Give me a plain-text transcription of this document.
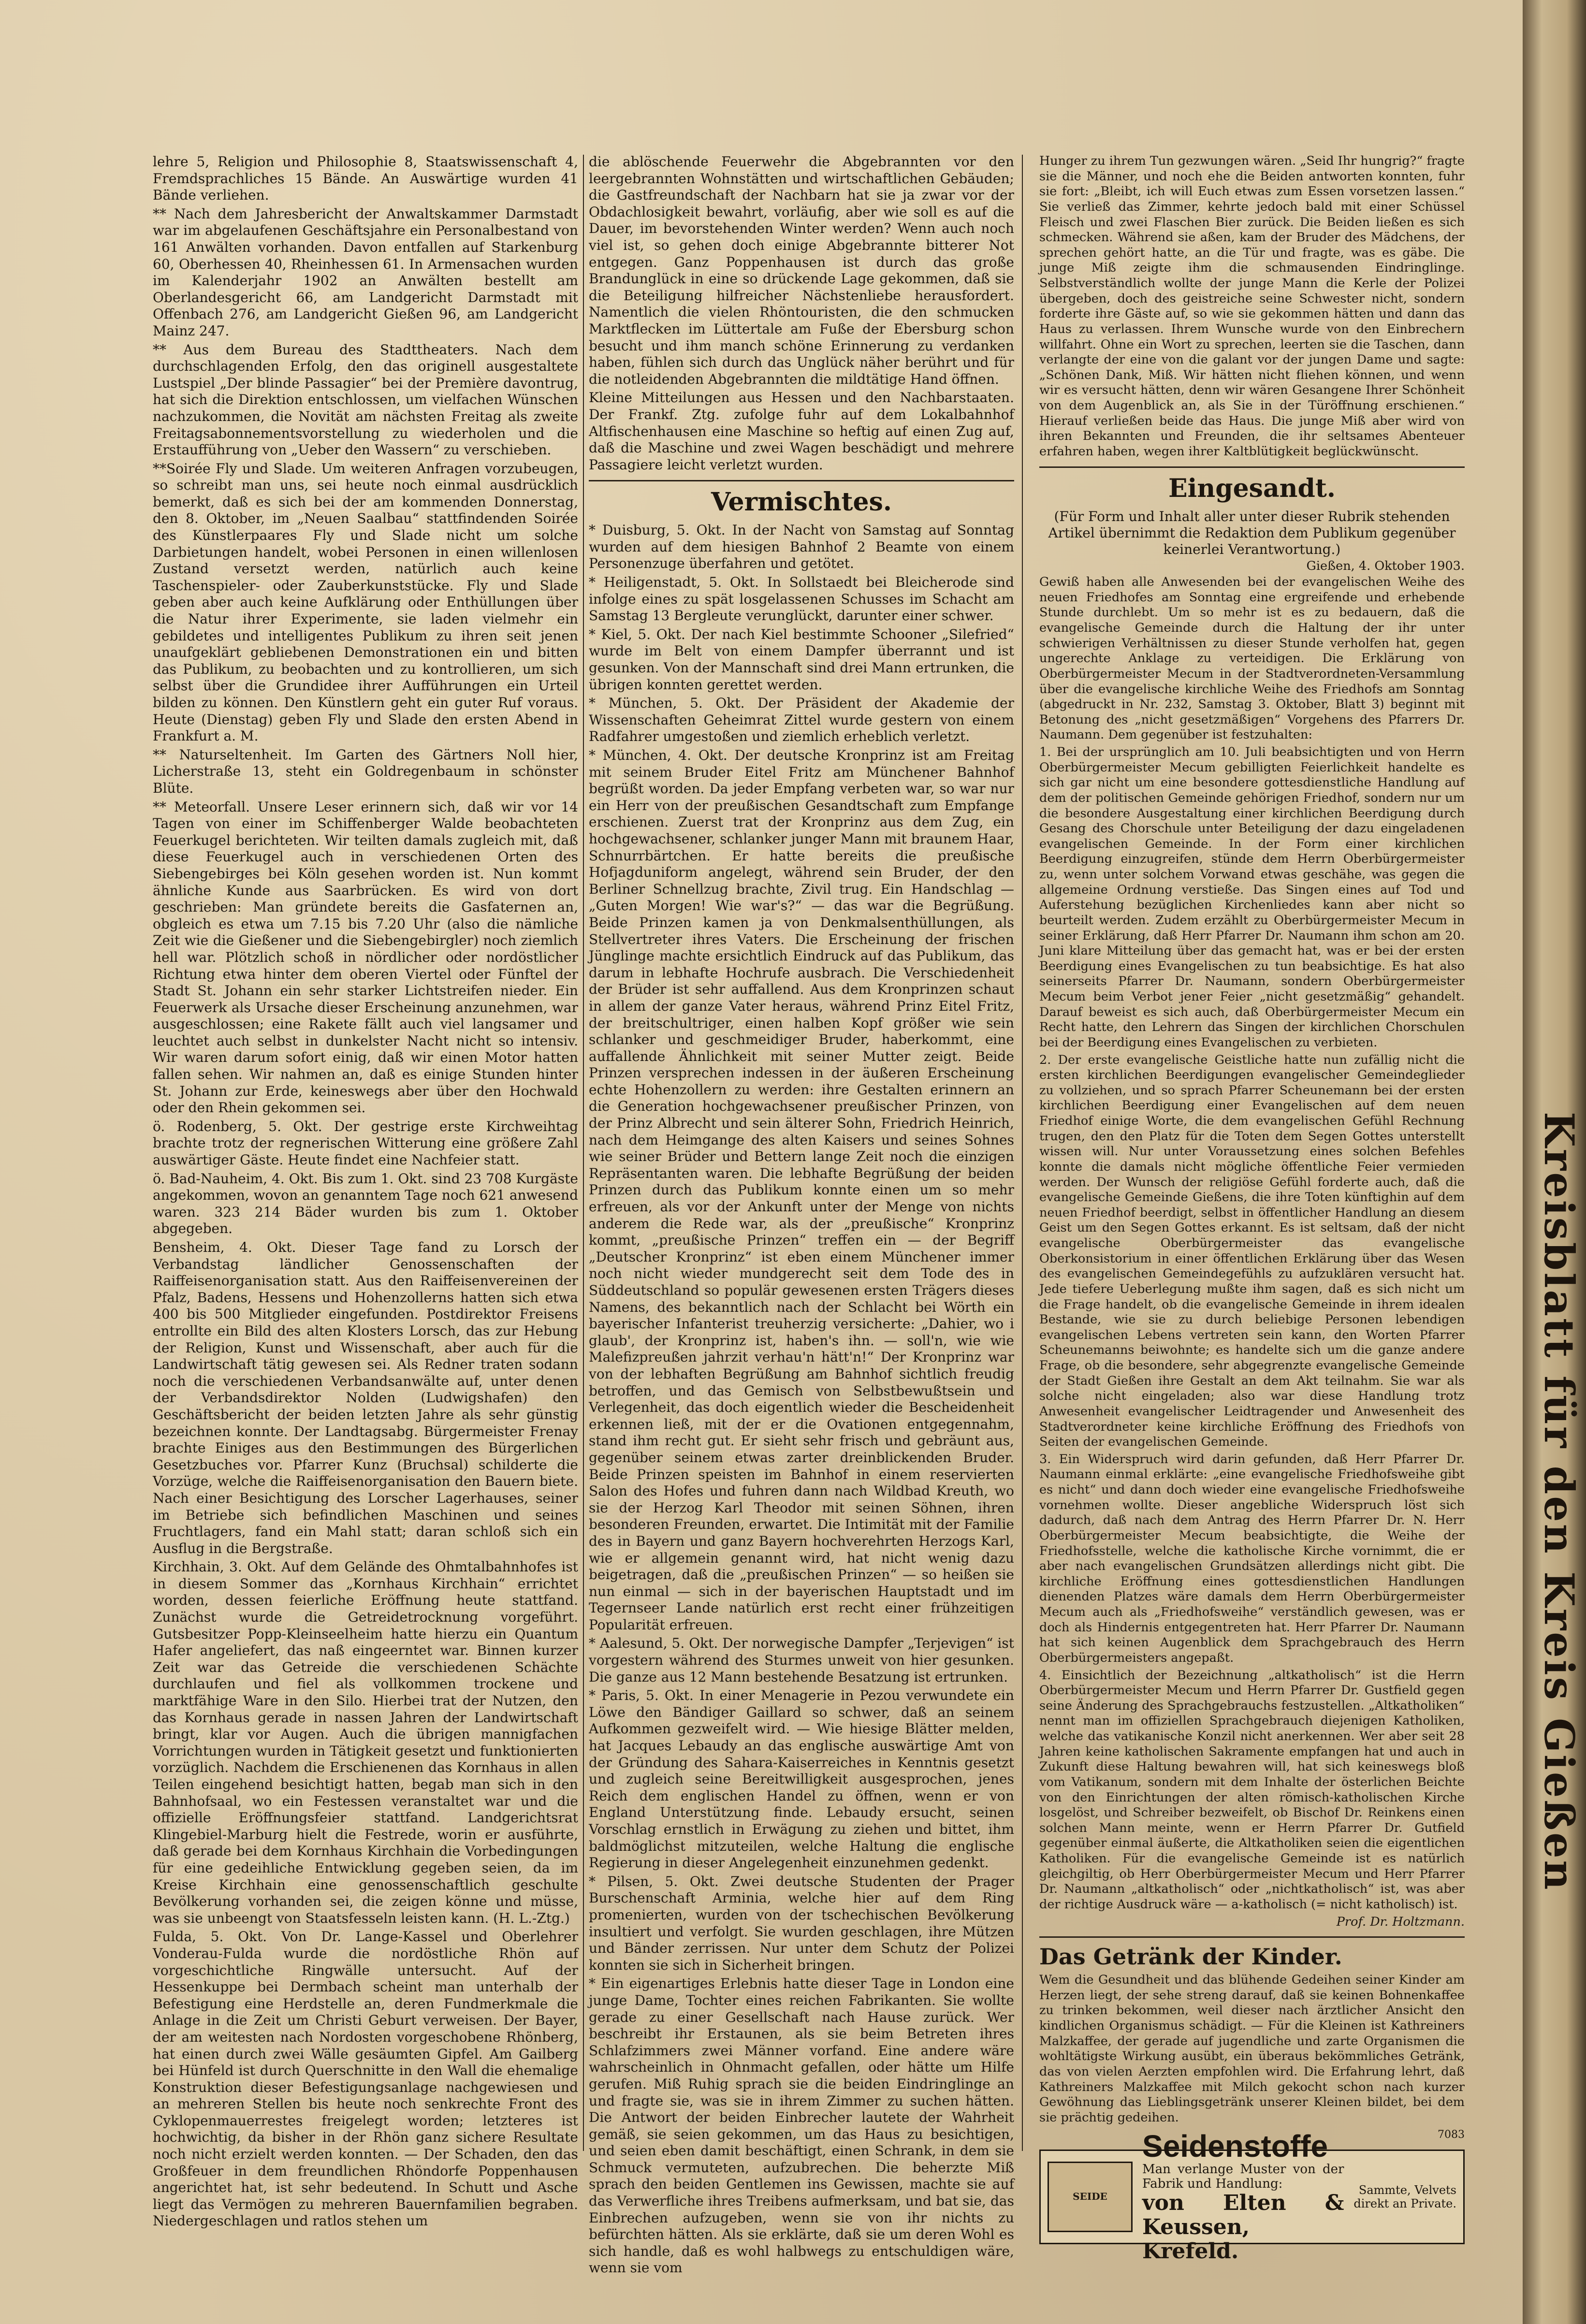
lehre 5, Religion und Philosophie 8, Staatswissenschaft 4, Fremdsprachliches 15 Bände. An Auswärtige wurden 41 Bände verliehen.

** Nach dem Jahresbericht der Anwaltskammer Darmstadt war im abgelaufenen Geschäftsjahre ein Personalbestand von 161 Anwälten vorhanden. Davon entfallen auf Starkenburg 60, Oberhessen 40, Rheinhessen 61. In Armensachen wurden im Kalenderjahr 1902 an Anwälten bestellt am Oberlandesgericht 66, am Landgericht Darmstadt mit Offenbach 276, am Landgericht Gießen 96, am Landgericht Mainz 247.

** Aus dem Bureau des Stadttheaters. Nach dem durchschlagenden Erfolg, den das originell ausgestaltete Lustspiel „Der blinde Passagier“ bei der Première davontrug, hat sich die Direktion entschlossen, um vielfachen Wünschen nachzukommen, die Novität am nächsten Freitag als zweite Freitagsabonnementsvorstellung zu wiederholen und die Erstaufführung von „Ueber den Wassern“ zu verschieben.

**Soirée Fly und Slade. Um weiteren Anfragen vorzubeugen, so schreibt man uns, sei heute noch einmal ausdrücklich bemerkt, daß es sich bei der am kommenden Donnerstag, den 8. Oktober, im „Neuen Saalbau“ stattfindenden Soirée des Künstlerpaares Fly und Slade nicht um solche Darbietungen handelt, wobei Personen in einen willenlosen Zustand versetzt werden, natürlich auch keine Taschenspieler- oder Zauberkunststücke. Fly und Slade geben aber auch keine Aufklärung oder Enthüllungen über die Natur ihrer Experimente, sie laden vielmehr ein gebildetes und intelligentes Publikum zu ihren seit jenen unaufgeklärt gebliebenen Demonstrationen ein und bitten das Publikum, zu beobachten und zu kontrollieren, um sich selbst über die Grundidee ihrer Aufführungen ein Urteil bilden zu können. Den Künstlern geht ein guter Ruf voraus. Heute (Dienstag) geben Fly und Slade den ersten Abend in Frankfurt a. M.

** Naturseltenheit. Im Garten des Gärtners Noll hier, Licherstraße 13, steht ein Goldregenbaum in schönster Blüte.

** Meteorfall. Unsere Leser erinnern sich, daß wir vor 14 Tagen von einer im Schiffenberger Walde beobachteten Feuerkugel berichteten. Wir teilten damals zugleich mit, daß diese Feuerkugel auch in verschiedenen Orten des Siebengebirges bei Köln gesehen worden ist. Nun kommt ähnliche Kunde aus Saarbrücken. Es wird von dort geschrieben: Man gründete bereits die Gasfaternen an, obgleich es etwa um 7.15 bis 7.20 Uhr (also die nämliche Zeit wie die Gießener und die Siebengebirgler) noch ziemlich hell war. Plötzlich schoß in nördlicher oder nordöstlicher Richtung etwa hinter dem oberen Viertel oder Fünftel der Stadt St. Johann ein sehr starker Lichtstreifen nieder. Ein Feuerwerk als Ursache dieser Erscheinung anzunehmen, war ausgeschlossen; eine Rakete fällt auch viel langsamer und leuchtet auch selbst in dunkelster Nacht nicht so intensiv. Wir waren darum sofort einig, daß wir einen Motor hatten fallen sehen. Wir nahmen an, daß es einige Stunden hinter St. Johann zur Erde, keineswegs aber über den Hochwald oder den Rhein gekommen sei.

ö. Rodenberg, 5. Okt. Der gestrige erste Kirchweihtag brachte trotz der regnerischen Witterung eine größere Zahl auswärtiger Gäste. Heute findet eine Nachfeier statt.

ö. Bad-Nauheim, 4. Okt. Bis zum 1. Okt. sind 23 708 Kurgäste angekommen, wovon an genanntem Tage noch 621 anwesend waren. 323 214 Bäder wurden bis zum 1. Oktober abgegeben.

Bensheim, 4. Okt. Dieser Tage fand zu Lorsch der Verbandstag ländlicher Genossenschaften der Raiffeisenorganisation statt. Aus den Raiffeisenvereinen der Pfalz, Badens, Hessens und Hohenzollerns hatten sich etwa 400 bis 500 Mitglieder eingefunden. Postdirektor Freisens entrollte ein Bild des alten Klosters Lorsch, das zur Hebung der Religion, Kunst und Wissenschaft, aber auch für die Landwirtschaft tätig gewesen sei. Als Redner traten sodann noch die verschiedenen Verbandsanwälte auf, unter denen der Verbandsdirektor Nolden (Ludwigshafen) den Geschäftsbericht der beiden letzten Jahre als sehr günstig bezeichnen konnte. Der Landtagsabg. Bürgermeister Frenay brachte Einiges aus den Bestimmungen des Bürgerlichen Gesetzbuches vor. Pfarrer Kunz (Bruchsal) schilderte die Vorzüge, welche die Raiffeisenorganisation den Bauern biete. Nach einer Besichtigung des Lorscher Lagerhauses, seiner im Betriebe sich befindlichen Maschinen und seines Fruchtlagers, fand ein Mahl statt; daran schloß sich ein Ausflug in die Bergstraße.

Kirchhain, 3. Okt. Auf dem Gelände des Ohmtalbahnhofes ist in diesem Sommer das „Kornhaus Kirchhain“ errichtet worden, dessen feierliche Eröffnung heute stattfand. Zunächst wurde die Getreidetrocknung vorgeführt. Gutsbesitzer Popp-Kleinseelheim hatte hierzu ein Quantum Hafer angeliefert, das naß eingeerntet war. Binnen kurzer Zeit war das Getreide die verschiedenen Schächte durchlaufen und fiel als vollkommen trockene und marktfähige Ware in den Silo. Hierbei trat der Nutzen, den das Kornhaus gerade in nassen Jahren der Landwirtschaft bringt, klar vor Augen. Auch die übrigen mannigfachen Vorrichtungen wurden in Tätigkeit gesetzt und funktionierten vorzüglich. Nachdem die Erschienenen das Kornhaus in allen Teilen eingehend besichtigt hatten, begab man sich in den Bahnhofsaal, wo ein Festessen veranstaltet war und die offizielle Eröffnungsfeier stattfand. Landgerichtsrat Klingebiel-Marburg hielt die Festrede, worin er ausführte, daß gerade bei dem Kornhaus Kirchhain die Vorbedingungen für eine gedeihliche Entwicklung gegeben seien, da im Kreise Kirchhain eine genossenschaftlich geschulte Bevölkerung vorhanden sei, die zeigen könne und müsse, was sie unbeengt von Staatsfesseln leisten kann. (H. L.-Ztg.)

Fulda, 5. Okt. Von Dr. Lange-Kassel und Oberlehrer Vonderau-Fulda wurde die nordöstliche Rhön auf vorgeschichtliche Ringwälle untersucht. Auf der Hessenkuppe bei Dermbach scheint man unterhalb der Befestigung eine Herdstelle an, deren Fundmerkmale die Anlage in die Zeit um Christi Geburt verweisen. Der Bayer, der am weitesten nach Nordosten vorgeschobene Rhönberg, hat einen durch zwei Wälle gesäumten Gipfel. Am Gailberg bei Hünfeld ist durch Querschnitte in den Wall die ehemalige Konstruktion dieser Befestigungsanlage nachgewiesen und an mehreren Stellen bis heute noch senkrechte Front des Cyklopenmauerrestes freigelegt worden; letzteres ist hochwichtig, da bisher in der Rhön ganz sichere Resultate noch nicht erzielt werden konnten. — Der Schaden, den das Großfeuer in dem freundlichen Rhöndorfe Poppenhausen angerichtet hat, ist sehr bedeutend. In Schutt und Asche liegt das Vermögen zu mehreren Bauernfamilien begraben. Niedergeschlagen und ratlos stehen um

die ablöschende Feuerwehr die Abgebrannten vor den leergebrannten Wohnstätten und wirtschaftlichen Gebäuden; die Gastfreundschaft der Nachbarn hat sie ja zwar vor der Obdachlosigkeit bewahrt, vorläufig, aber wie soll es auf die Dauer, im bevorstehenden Winter werden? Wenn auch noch viel ist, so gehen doch einige Abgebrannte bitterer Not entgegen. Ganz Poppenhausen ist durch das große Brandunglück in eine so drückende Lage gekommen, daß sie die Beteiligung hilfreicher Nächstenliebe herausfordert. Namentlich die vielen Rhöntouristen, die den schmucken Marktflecken im Lüttertale am Fuße der Ebersburg schon besucht und ihm manch schöne Erinnerung zu verdanken haben, fühlen sich durch das Unglück näher berührt und für die notleidenden Abgebrannten die mildtätige Hand öffnen.

Kleine Mitteilungen aus Hessen und den Nachbarstaaten. Der Frankf. Ztg. zufolge fuhr auf dem Lokalbahnhof Altfischenhausen eine Maschine so heftig auf einen Zug auf, daß die Maschine und zwei Wagen beschädigt und mehrere Passagiere leicht verletzt wurden.

Vermischtes.

* Duisburg, 5. Okt. In der Nacht von Samstag auf Sonntag wurden auf dem hiesigen Bahnhof 2 Beamte von einem Personenzuge überfahren und getötet.

* Heiligenstadt, 5. Okt. In Sollstaedt bei Bleicherode sind infolge eines zu spät losgelassenen Schusses im Schacht am Samstag 13 Bergleute verunglückt, darunter einer schwer.

* Kiel, 5. Okt. Der nach Kiel bestimmte Schooner „Silefried“ wurde im Belt von einem Dampfer überrannt und ist gesunken. Von der Mannschaft sind drei Mann ertrunken, die übrigen konnten gerettet werden.

* München, 5. Okt. Der Präsident der Akademie der Wissenschaften Geheimrat Zittel wurde gestern von einem Radfahrer umgestoßen und ziemlich erheblich verletzt.

* München, 4. Okt. Der deutsche Kronprinz ist am Freitag mit seinem Bruder Eitel Fritz am Münchener Bahnhof begrüßt worden. Da jeder Empfang verbeten war, so war nur ein Herr von der preußischen Gesandtschaft zum Empfange erschienen. Zuerst trat der Kronprinz aus dem Zug, ein hochgewachsener, schlanker junger Mann mit braunem Haar, Schnurrbärtchen. Er hatte bereits die preußische Hofjagduniform angelegt, während sein Bruder, der den Berliner Schnellzug brachte, Zivil trug. Ein Handschlag — „Guten Morgen! Wie war's?“ — das war die Begrüßung. Beide Prinzen kamen ja von Denkmalsenthüllungen, als Stellvertreter ihres Vaters. Die Erscheinung der frischen Jünglinge machte ersichtlich Eindruck auf das Publikum, das darum in lebhafte Hochrufe ausbrach. Die Verschiedenheit der Brüder ist sehr auffallend. Aus dem Kronprinzen schaut in allem der ganze Vater heraus, während Prinz Eitel Fritz, der breitschultriger, einen halben Kopf größer wie sein schlanker und geschmeidiger Bruder, haberkommt, eine auffallende Ähnlichkeit mit seiner Mutter zeigt. Beide Prinzen versprechen indessen in der äußeren Erscheinung echte Hohenzollern zu werden: ihre Gestalten erinnern an die Generation hochgewachsener preußischer Prinzen, von der Prinz Albrecht und sein älterer Sohn, Friedrich Heinrich, nach dem Heimgange des alten Kaisers und seines Sohnes wie seiner Brüder und Bettern lange Zeit noch die einzigen Repräsentanten waren. Die lebhafte Begrüßung der beiden Prinzen durch das Publikum konnte einen um so mehr erfreuen, als vor der Ankunft unter der Menge von nichts anderem die Rede war, als der „preußische“ Kronprinz kommt, „preußische Prinzen“ treffen ein — der Begriff „Deutscher Kronprinz“ ist eben einem Münchener immer noch nicht wieder mundgerecht seit dem Tode des in Süddeutschland so populär gewesenen ersten Trägers dieses Namens, des bekanntlich nach der Schlacht bei Wörth ein bayerischer Infanterist treuherzig versicherte: „Dahier, wo i glaub', der Kronprinz ist, haben's ihn. — soll'n, wie wie Malefizpreußen jahrzit verhau'n hätt'n!“ Der Kronprinz war von der lebhaften Begrüßung am Bahnhof sichtlich freudig betroffen, und das Gemisch von Selbstbewußtsein und Verlegenheit, das doch eigentlich wieder die Bescheidenheit erkennen ließ, mit der er die Ovationen entgegennahm, stand ihm recht gut. Er sieht sehr frisch und gebräunt aus, gegenüber seinem etwas zarter dreinblickenden Bruder. Beide Prinzen speisten im Bahnhof in einem reservierten Salon des Hofes und fuhren dann nach Wildbad Kreuth, wo sie der Herzog Karl Theodor mit seinen Söhnen, ihren besonderen Freunden, erwartet. Die Intimität mit der Familie des in Bayern und ganz Bayern hochverehrten Herzogs Karl, wie er allgemein genannt wird, hat nicht wenig dazu beigetragen, daß die „preußischen Prinzen“ — so heißen sie nun einmal — sich in der bayerischen Hauptstadt und im Tegernseer Lande natürlich erst recht einer frühzeitigen Popularität erfreuen.

* Aalesund, 5. Okt. Der norwegische Dampfer „Terjevigen“ ist vorgestern während des Sturmes unweit von hier gesunken. Die ganze aus 12 Mann bestehende Besatzung ist ertrunken.

* Paris, 5. Okt. In einer Menagerie in Pezou verwundete ein Löwe den Bändiger Gaillard so schwer, daß an seinem Aufkommen gezweifelt wird. — Wie hiesige Blätter melden, hat Jacques Lebaudy an das englische auswärtige Amt von der Gründung des Sahara-Kaiserreiches in Kenntnis gesetzt und zugleich seine Bereitwilligkeit ausgesprochen, jenes Reich dem englischen Handel zu öffnen, wenn er von England Unterstützung finde. Lebaudy ersucht, seinen Vorschlag ernstlich in Erwägung zu ziehen und bittet, ihm baldmöglichst mitzuteilen, welche Haltung die englische Regierung in dieser Angelegenheit einzunehmen gedenkt.

* Pilsen, 5. Okt. Zwei deutsche Studenten der Prager Burschenschaft Arminia, welche hier auf dem Ring promenierten, wurden von der tschechischen Bevölkerung insultiert und verfolgt. Sie wurden geschlagen, ihre Mützen und Bänder zerrissen. Nur unter dem Schutz der Polizei konnten sie sich in Sicherheit bringen.

* Ein eigenartiges Erlebnis hatte dieser Tage in London eine junge Dame, Tochter eines reichen Fabrikanten. Sie wollte gerade zu einer Gesellschaft nach Hause zurück. Wer beschreibt ihr Erstaunen, als sie beim Betreten ihres Schlafzimmers zwei Männer vorfand. Eine andere wäre wahrscheinlich in Ohnmacht gefallen, oder hätte um Hilfe gerufen. Miß Ruhig sprach sie die beiden Eindringlinge an und fragte sie, was sie in ihrem Zimmer zu suchen hätten. Die Antwort der beiden Einbrecher lautete der Wahrheit gemäß, sie seien gekommen, um das Haus zu besichtigen, und seien eben damit beschäftigt, einen Schrank, in dem sie Schmuck vermuteten, aufzubrechen. Die beherzte Miß sprach den beiden Gentlemen ins Gewissen, machte sie auf das Verwerfliche ihres Treibens aufmerksam, und bat sie, das Einbrechen aufzugeben, wenn sie von ihr nichts zu befürchten hätten. Als sie erklärte, daß sie um deren Wohl es sich handle, daß es wohl halbwegs zu entschuldigen wäre, wenn sie vom

Hunger zu ihrem Tun gezwungen wären. „Seid Ihr hungrig?“ fragte sie die Männer, und noch ehe die Beiden antworten konnten, fuhr sie fort: „Bleibt, ich will Euch etwas zum Essen vorsetzen lassen.“ Sie verließ das Zimmer, kehrte jedoch bald mit einer Schüssel Fleisch und zwei Flaschen Bier zurück. Die Beiden ließen es sich schmecken. Während sie aßen, kam der Bruder des Mädchens, der sprechen gehört hatte, an die Tür und fragte, was es gäbe. Die junge Miß zeigte ihm die schmausenden Eindringlinge. Selbstverständlich wollte der junge Mann die Kerle der Polizei übergeben, doch des geistreiche seine Schwester nicht, sondern forderte ihre Gäste auf, so wie sie gekommen hätten und dann das Haus zu verlassen. Ihrem Wunsche wurde von den Einbrechern willfahrt. Ohne ein Wort zu sprechen, leerten sie die Taschen, dann verlangte der eine von die galant vor der jungen Dame und sagte: „Schönen Dank, Miß. Wir hätten nicht fliehen können, und wenn wir es versucht hätten, denn wir wären Gesangene Ihrer Schönheit von dem Augenblick an, als Sie in der Türöffnung erschienen.“ Hierauf verließen beide das Haus. Die junge Miß aber wird von ihren Bekannten und Freunden, die ihr seltsames Abenteuer erfahren haben, wegen ihrer Kaltblütigkeit beglückwünscht.

Eingesandt.
(Für Form und Inhalt aller unter dieser Rubrik stehenden Artikel übernimmt die Redaktion dem Publikum gegenüber keinerlei Verantwortung.)
Gießen, 4. Oktober 1903.

Gewiß haben alle Anwesenden bei der evangelischen Weihe des neuen Friedhofes am Sonntag eine ergreifende und erhebende Stunde durchlebt. Um so mehr ist es zu bedauern, daß die evangelische Gemeinde durch die Haltung der ihr unter schwierigen Verhältnissen zu dieser Stunde verholfen hat, gegen ungerechte Anklage zu verteidigen. Die Erklärung von Oberbürgermeister Mecum in der Stadtverordneten-Versammlung über die evangelische kirchliche Weihe des Friedhofs am Sonntag (abgedruckt in Nr. 232, Samstag 3. Oktober, Blatt 3) beginnt mit Betonung des „nicht gesetzmäßigen“ Vorgehens des Pfarrers Dr. Naumann. Dem gegenüber ist festzuhalten:

1. Bei der ursprünglich am 10. Juli beabsichtigten und von Herrn Oberbürgermeister Mecum gebilligten Feierlichkeit handelte es sich gar nicht um eine besondere gottesdienstliche Handlung auf dem der politischen Gemeinde gehörigen Friedhof, sondern nur um die besondere Ausgestaltung einer kirchlichen Beerdigung durch Gesang des Chorschule unter Beteiligung der dazu eingeladenen evangelischen Gemeinde. In der Form einer kirchlichen Beerdigung einzugreifen, stünde dem Herrn Oberbürgermeister zu, wenn unter solchem Vorwand etwas geschähe, was gegen die allgemeine Ordnung verstieße. Das Singen eines auf Tod und Auferstehung bezüglichen Kirchenliedes kann aber nicht so beurteilt werden. Zudem erzählt zu Oberbürgermeister Mecum in seiner Erklärung, daß Herr Pfarrer Dr. Naumann ihm schon am 20. Juni klare Mitteilung über das gemacht hat, was er bei der ersten Beerdigung eines Evangelischen zu tun beabsichtige. Es hat also seinerseits Pfarrer Dr. Naumann, sondern Oberbürgermeister Mecum beim Verbot jener Feier „nicht gesetzmäßig“ gehandelt. Darauf beweist es sich auch, daß Oberbürgermeister Mecum ein Recht hatte, den Lehrern das Singen der kirchlichen Chorschulen bei der Beerdigung eines Evangelischen zu verbieten.

2. Der erste evangelische Geistliche hatte nun zufällig nicht die ersten kirchlichen Beerdigungen evangelischer Gemeindeglieder zu vollziehen, und so sprach Pfarrer Scheunemann bei der ersten kirchlichen Beerdigung einer Evangelischen auf dem neuen Friedhof einige Worte, die dem evangelischen Gefühl Rechnung trugen, den den Platz für die Toten dem Segen Gottes unterstellt wissen will. Nur unter Voraussetzung eines solchen Befehles konnte die damals nicht mögliche öffentliche Feier vermieden werden. Der Wunsch der religiöse Gefühl forderte auch, daß die evangelische Gemeinde Gießens, die ihre Toten künftighin auf dem neuen Friedhof beerdigt, selbst in öffentlicher Handlung an diesem Geist um den Segen Gottes erkannt. Es ist seltsam, daß der nicht evangelische Oberbürgermeister das evangelische Oberkonsistorium in einer öffentlichen Erklärung über das Wesen des evangelischen Gemeindegefühls zu aufzuklären versucht hat. Jede tiefere Ueberlegung mußte ihm sagen, daß es sich nicht um die Frage handelt, ob die evangelische Gemeinde in ihrem idealen Bestande, wie sie zu durch beliebige Personen lebendigen evangelischen Lebens vertreten sein kann, den Worten Pfarrer Scheunemanns beiwohnte; es handelte sich um die ganze andere Frage, ob die besondere, sehr abgegrenzte evangelische Gemeinde der Stadt Gießen ihre Gestalt an dem Akt teilnahm. Sie war als solche nicht eingeladen; also war diese Handlung trotz Anwesenheit evangelischer Leidtragender und Anwesenheit des Stadtverordneter keine kirchliche Eröffnung des Friedhofs von Seiten der evangelischen Gemeinde.

3. Ein Widerspruch wird darin gefunden, daß Herr Pfarrer Dr. Naumann einmal erklärte: „eine evangelische Friedhofsweihe gibt es nicht“ und dann doch wieder eine evangelische Friedhofsweihe vornehmen wollte. Dieser angebliche Widerspruch löst sich dadurch, daß nach dem Antrag des Herrn Pfarrer Dr. N. Herr Oberbürgermeister Mecum beabsichtigte, die Weihe der Friedhofsstelle, welche die katholische Kirche vornimmt, die er aber nach evangelischen Grundsätzen allerdings nicht gibt. Die kirchliche Eröffnung eines gottesdienstlichen Handlungen dienenden Platzes wäre damals dem Herrn Oberbürgermeister Mecum auch als „Friedhofsweihe“ verständlich gewesen, was er doch als Hindernis entgegentreten hat. Herr Pfarrer Dr. Naumann hat sich keinen Augenblick dem Sprachgebrauch des Herrn Oberbürgermeisters angepaßt.

4. Einsichtlich der Bezeichnung „altkatholisch“ ist die Herrn Oberbürgermeister Mecum und Herrn Pfarrer Dr. Gustfield gegen seine Änderung des Sprachgebrauchs festzustellen. „Altkatholiken“ nennt man im offiziellen Sprachgebrauch diejenigen Katholiken, welche das vatikanische Konzil nicht anerkennen. Wer aber seit 28 Jahren keine katholischen Sakramente empfangen hat und auch in Zukunft diese Haltung bewahren will, hat sich keineswegs bloß vom Vatikanum, sondern mit dem Inhalte der österlichen Beichte von den Einrichtungen der alten römisch-katholischen Kirche losgelöst, und Schreiber bezweifelt, ob Bischof Dr. Reinkens einen solchen Mann meinte, wenn er Herrn Pfarrer Dr. Gutfield gegenüber einmal äußerte, die Altkatholiken seien die eigentlichen Katholiken. Für die evangelische Gemeinde ist es natürlich gleichgiltig, ob Herr Oberbürgermeister Mecum und Herr Pfarrer Dr. Naumann „altkatholisch“ oder „nichtkatholisch“ ist, was aber der richtige Ausdruck wäre — a-katholisch (= nicht katholisch) ist.

Prof. Dr. Holtzmann.
Das Getränk der Kinder.

Wem die Gesundheit und das blühende Gedeihen seiner Kinder am Herzen liegt, der sehe streng darauf, daß sie keinen Bohnenkaffee zu trinken bekommen, weil dieser nach ärztlicher Ansicht den kindlichen Organismus schädigt. — Für die Kleinen ist Kathreiners Malzkaffee, der gerade auf jugendliche und zarte Organismen die wohltätigste Wirkung ausübt, ein überaus bekömmliches Getränk, das von vielen Aerzten empfohlen wird. Die Erfahrung lehrt, daß Kathreiners Malzkaffee mit Milch gekocht schon nach kurzer Gewöhnung das Lieblingsgetränk unserer Kleinen bildet, bei dem sie prächtig gedeihen.

7083
SEIDE
Seidenstoffe
Man verlange Muster von der Fabrik und Handlung:
von Elten & Keussen, Krefeld.
Sammte, Velvets
direkt an Private.
Kreisblatt für den Kreis Gießen
